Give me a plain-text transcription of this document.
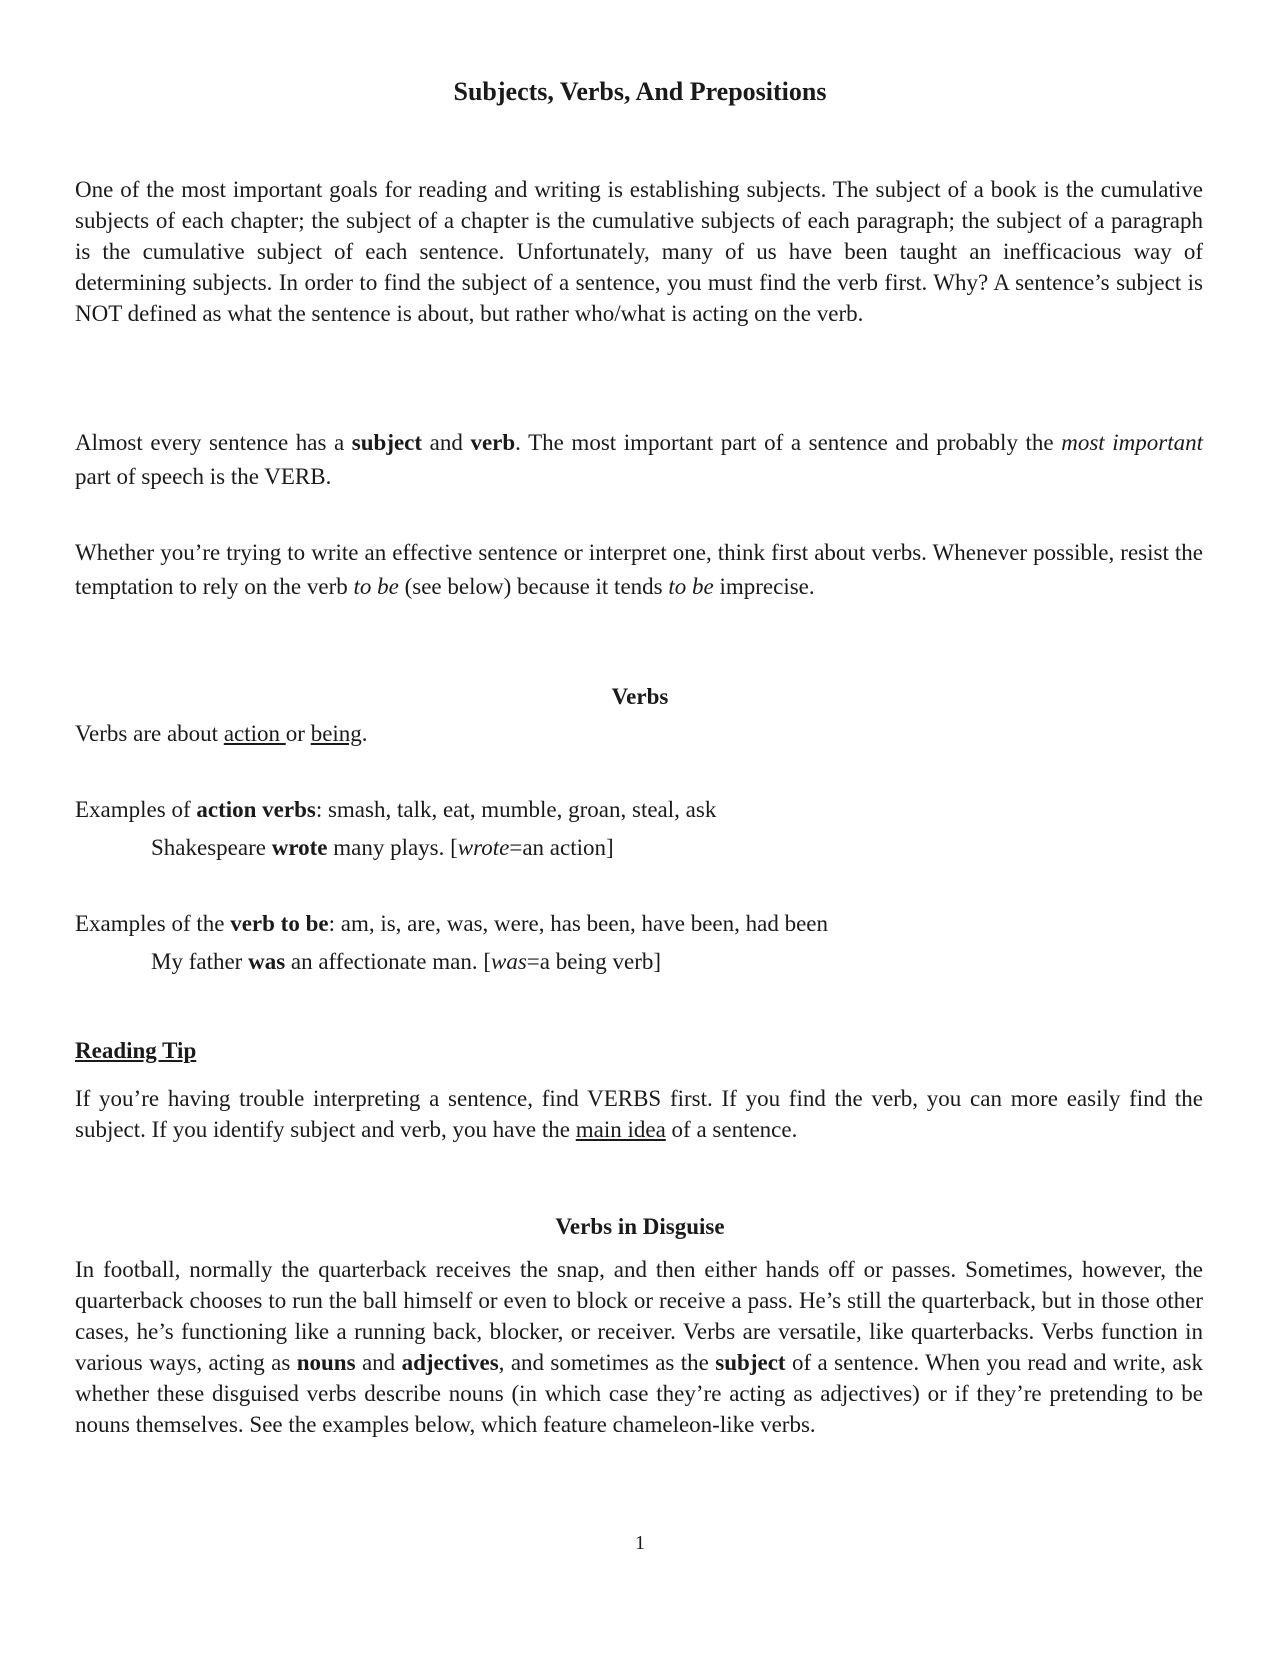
Subjects, Verbs, And Prepositions

One of the most important goals for reading and writing is establishing subjects. The subject of a book is the cumulative subjects of each chapter; the subject of a chapter is the cumulative subjects of each paragraph; the subject of a paragraph is the cumulative subject of each sentence. Unfortunately, many of us have been taught an inefficacious way of determining subjects. In order to find the subject of a sentence, you must find the verb first. Why? A sentence’s subject is NOT defined as what the sentence is about, but rather who/what is acting on the verb.

Almost every sentence has a subject and verb. The most important part of a sentence and probably the most important part of speech is the VERB.

Whether you’re trying to write an effective sentence or interpret one, think first about verbs. Whenever possible, resist the temptation to rely on the verb to be (see below) because it tends to be imprecise.

Verbs

Verbs are about action or being.

Examples of action verbs: smash, talk, eat, mumble, groan, steal, ask

Shakespeare wrote many plays. [wrote=an action]

Examples of the verb to be: am, is, are, was, were, has been, have been, had been

My father was an affectionate man. [was=a being verb]

Reading Tip

If you’re having trouble interpreting a sentence, find VERBS first. If you find the verb, you can more easily find the subject. If you identify subject and verb, you have the main idea of a sentence.

Verbs in Disguise

In football, normally the quarterback receives the snap, and then either hands off or passes. Sometimes, however, the quarterback chooses to run the ball himself or even to block or receive a pass. He’s still the quarterback, but in those other cases, he’s functioning like a running back, blocker, or receiver. Verbs are versatile, like quarterbacks. Verbs function in various ways, acting as nouns and adjectives, and sometimes as the subject of a sentence. When you read and write, ask whether these disguised verbs describe nouns (in which case they’re acting as adjectives) or if they’re pretending to be nouns themselves. See the examples below, which feature chameleon-like verbs.

1
